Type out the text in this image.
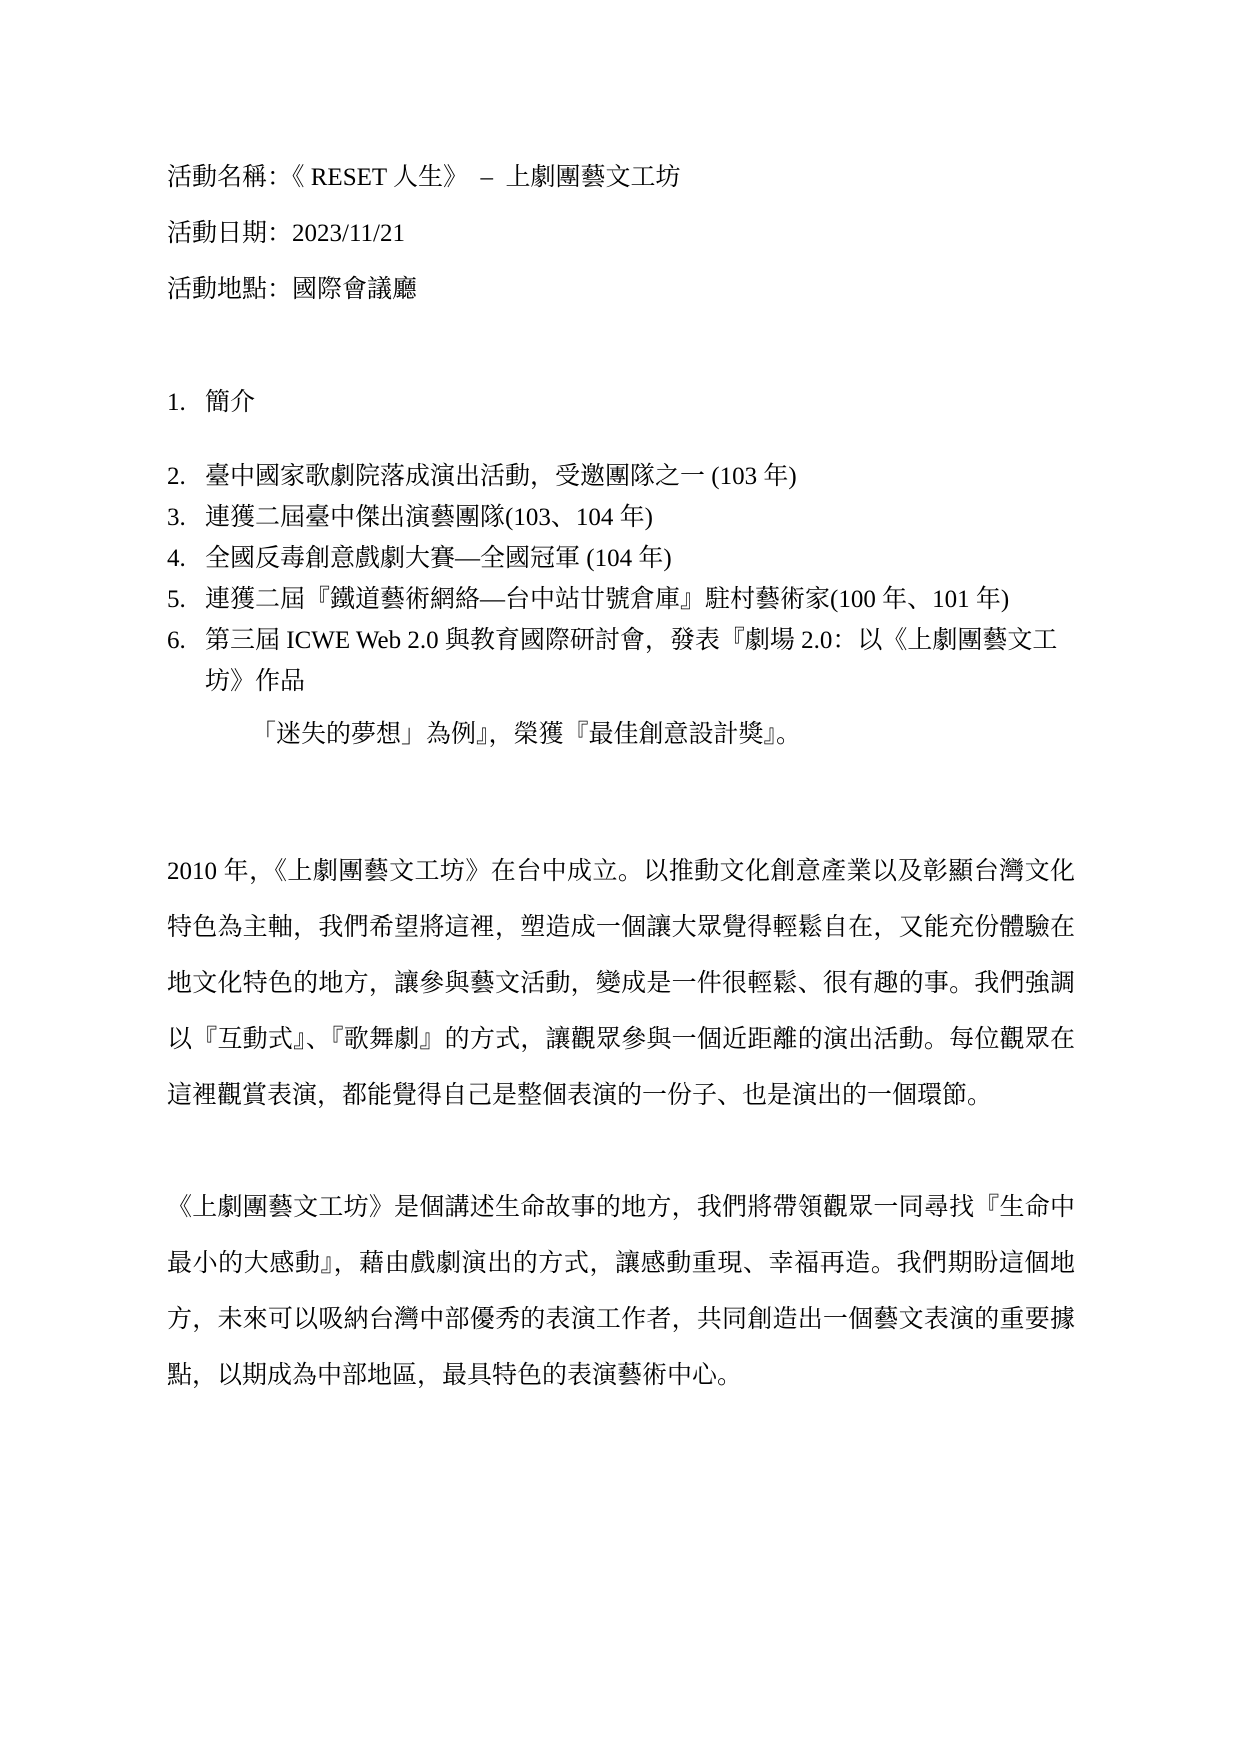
活動名稱：《 RESET 人生》  –  上劇團藝文工坊

活動日期：2023/11/21

活動地點：國際會議廳

1. 簡介
2. 臺中國家歌劇院落成演出活動，受邀團隊之一 (103 年)
3. 連獲二屆臺中傑出演藝團隊(103、104 年)
4. 全國反毒創意戲劇大賽—全國冠軍 (104 年)
5. 連獲二屆『鐵道藝術網絡—台中站廿號倉庫』駐村藝術家(100 年、101 年)
6. 第三屆 ICWE Web 2.0 與教育國際研討會，發表『劇場 2.0：以《上劇團藝文工坊》作品

「迷失的夢想」為例』，榮獲『最佳創意設計獎』。

2010 年，《上劇團藝文工坊》在台中成立。以推動文化創意產業以及彰顯台灣文化特色為主軸，我們希望將這裡，塑造成一個讓大眾覺得輕鬆自在，又能充份體驗在地文化特色的地方，讓參與藝文活動，變成是一件很輕鬆、很有趣的事。我們強調以『互動式』、『歌舞劇』的方式，讓觀眾參與一個近距離的演出活動。每位觀眾在這裡觀賞表演，都能覺得自己是整個表演的一份子、也是演出的一個環節。

《上劇團藝文工坊》是個講述生命故事的地方，我們將帶領觀眾一同尋找『生命中最小的大感動』，藉由戲劇演出的方式，讓感動重現、幸福再造。我們期盼這個地方，未來可以吸納台灣中部優秀的表演工作者，共同創造出一個藝文表演的重要據點，以期成為中部地區，最具特色的表演藝術中心。
